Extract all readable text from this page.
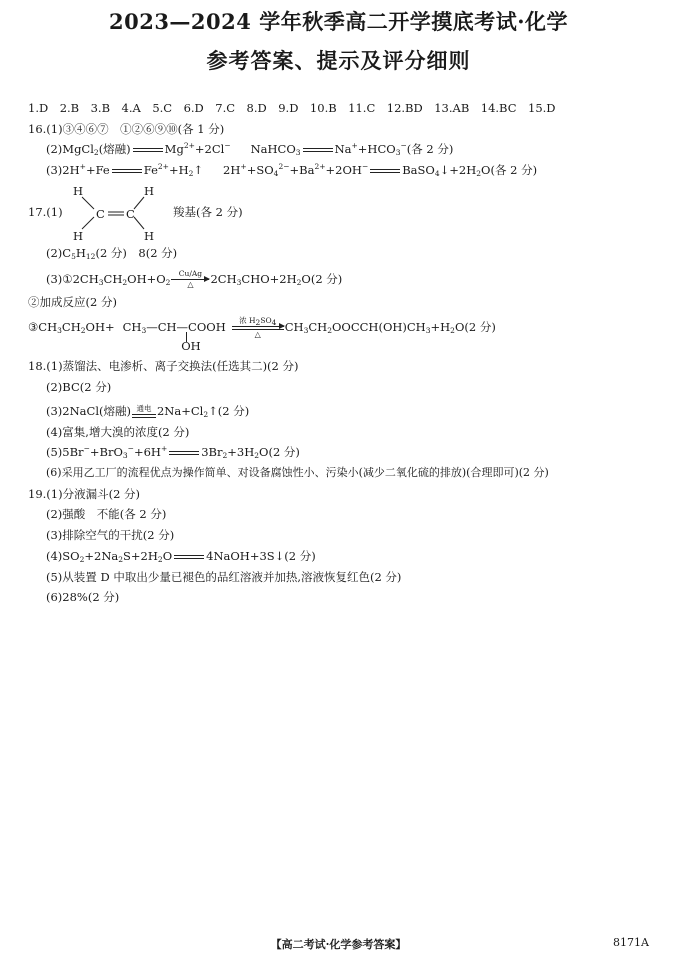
2023—2024 学年秋季高二开学摸底考试·化学
参考答案、提示及评分细则
1.D　2.B　3.B　4.A　5.C　6.D　7.C　8.D　9.D　10.B　11.C　12.BD　13.AB　14.BC　15.D
16.(1)③④⑥⑦　①②⑥⑨⑩(各 1 分)
(2)MgCl$_2$(熔融)	$Mg^{2+}+2Cl^-$ NaHCO$_3$	$Na^++HCO_3^-$(各 2 分)
(3)2H++Fe	$Fe^{2+}+H_2↑$ $2H^++SO_4^{2-}+Ba^{2+}+2OH^-$	$BaSO_4↓+2H_2O$(各 2 分)
17.(1)
H
H
C C
H
H
羧基(各 2 分)
$(2)C_5H_{12}(2$ 分)　8(2 分)
$(3)①2CH_3CH_2OH+O_2$
Cu/Ag
△	$2CH_3CHO+2H_2O(2$ 分)
②加成反应(2 分)
$③CH_3CH_2OH+$ $CH_3—CH—COOH$
OH
浓 $H_2SO_4$
△
$CH_3CH_2OOCCH(OH)CH_3+H_2O(2$ 分)
18.(1)蒸馏法、电渗析、离子交换法(任选其二)(2 分)
(2)BC(2 分)
(3)2NaCl(熔融) 通电 $2Na+Cl_2↑(2$ 分)
(4)富集,增大溴的浓度(2 分)
(5)5Br−+BrO$_3$−+6H+	$3Br_2+3H_2O(2$ 分)
(6)采用乙工厂的流程优点为操作简单、对设备腐蚀性小、污染小(减少二氧化硫的排放)(合理即可)(2 分)
19.(1)分液漏斗(2 分)
(2)强酸　不能(各 2 分)
(3)排除空气的干扰(2 分)
$(4)SO_2+2Na_2S+2H_2O$	4NaOH+3S↓(2 分)
(5)从装置 D 中取出少量已褪色的品红溶液并加热,溶液恢复红色(2 分)
(6)28%(2 分)
【高二考试·化学参考答案】	8171A
